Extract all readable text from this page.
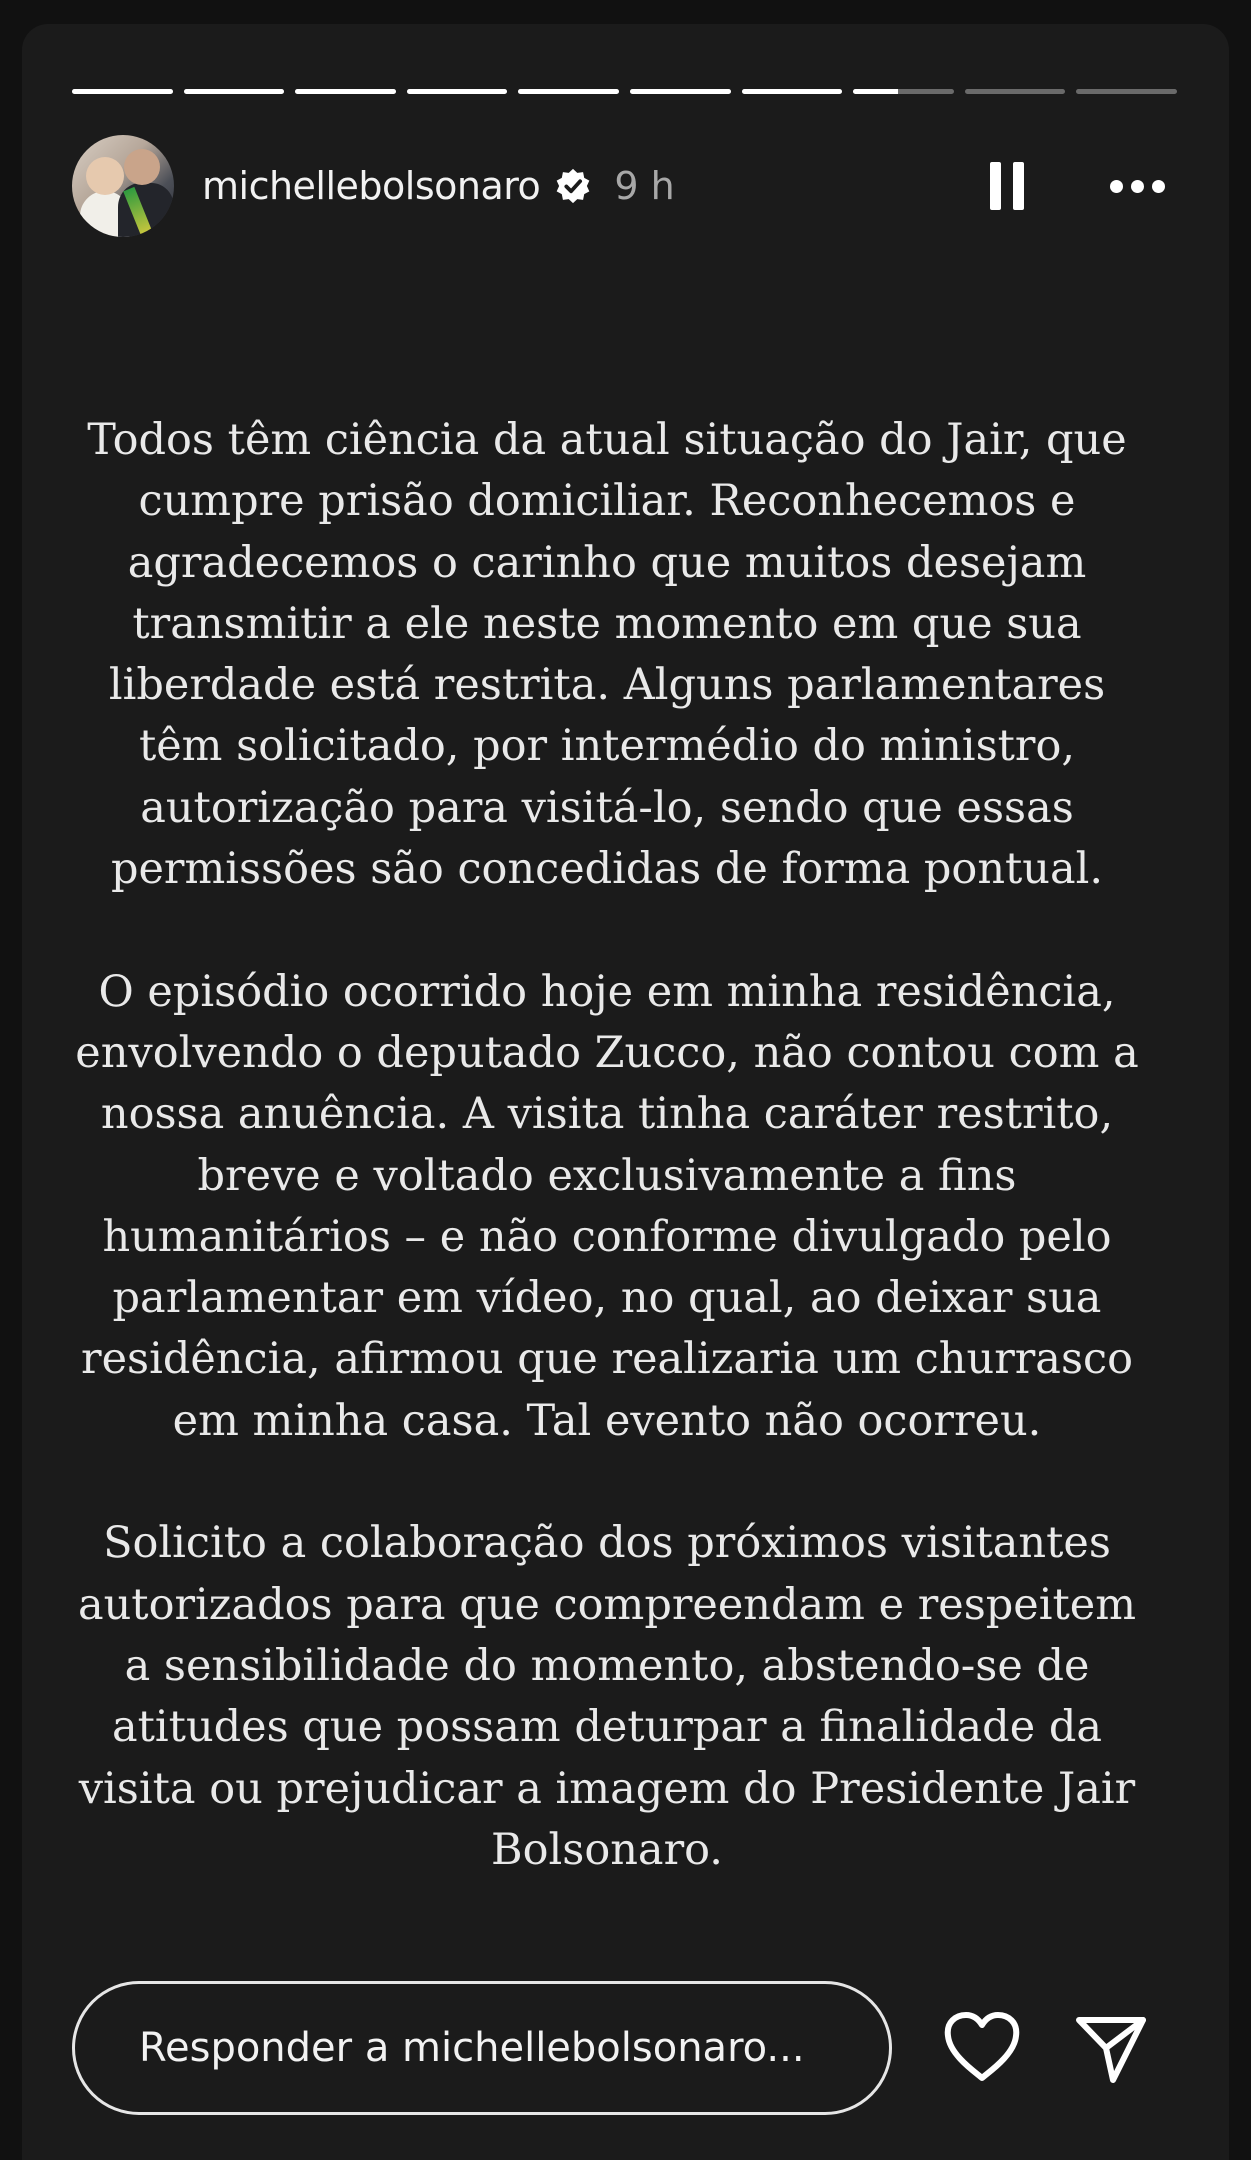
michellebolsonaro 9 h

Todos têm ciência da atual situação do Jair, que cumpre prisão domiciliar. Reconhecemos e agradecemos o carinho que muitos desejam transmitir a ele neste momento em que sua liberdade está restrita. Alguns parlamentares têm solicitado, por intermédio do ministro, autorização para visitá-lo, sendo que essas permissões são concedidas de forma pontual.

O episódio ocorrido hoje em minha residência, envolvendo o deputado Zucco, não contou com a nossa anuência. A visita tinha caráter restrito, breve e voltado exclusivamente a fins humanitários – e não conforme divulgado pelo parlamentar em vídeo, no qual, ao deixar sua residência, afirmou que realizaria um churrasco em minha casa. Tal evento não ocorreu.

Solicito a colaboração dos próximos visitantes autorizados para que compreendam e respeitem a sensibilidade do momento, abstendo-se de atitudes que possam deturpar a finalidade da visita ou prejudicar a imagem do Presidente Jair Bolsonaro.

Responder a michellebolsonaro...
